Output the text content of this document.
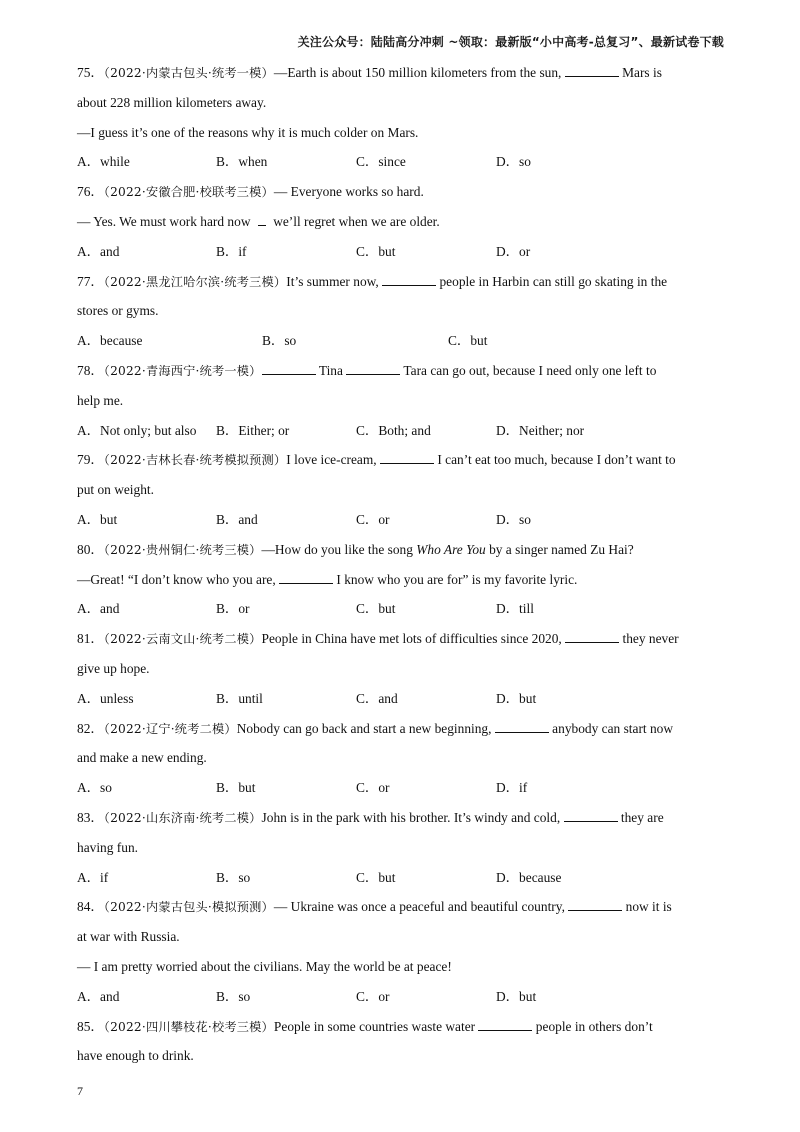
关注公众号：陆陆高分冲刺 ~领取：最新版“小中高考-总复习”、最新试卷下载
75．（2022·内蒙古包头·统考一模）—Earth is about 150 million kilometers from the sun,	Mars is
about 228 million kilometers away.
—I guess it’s one of the reasons why it is much colder on Mars.
A．while	B．when	C．since	D．so
76．（2022·安徽合肥·校联考三模）— Everyone works so hard.
— Yes. We must work hard now  we’ll regret when we are older.
A．and	B．if	C．but	D．or
77．（2022·黑龙江哈尔滨·统考三模）It’s summer now,	people in Harbin can still go skating in the
stores or gyms.
A．because	B．so	C．but
78．（2022·青海西宁·统考一模）	Tina	Tara can go out, because I need only one left to
help me.
A．Not only; but also B．Either; or	C．Both; and	D．Neither; nor
79．（2022·吉林长春·统考模拟预测）I love ice-cream,	I can’t eat too much, because I don’t want to
put on weight.
A．but	B．and	C．or	D．so
80．（2022·贵州铜仁·统考三模）—How do you like the song Who Are You by a singer named Zu Hai?
—Great! “I don’t know who you are,	I know who you are for” is my favorite lyric.
A．and	B．or	C．but	D．till
81．（2022·云南文山·统考二模）People in China have met lots of difficulties since 2020,	they never
give up hope.
A．unless	B．until	C．and	D．but
82．（2022·辽宁·统考二模）Nobody can go back and start a new beginning,	anybody can start now
and make a new ending.
A．so	B．but	C．or	D．if
83．（2022·山东济南·统考二模）John is in the park with his brother. It’s windy and cold,	they are
having fun.
A．if	B．so	C．but	D．because
84．（2022·内蒙古包头·模拟预测）— Ukraine was once a peaceful and beautiful country,	now it is
at war with Russia.
— I am pretty worried about the civilians. May the world be at peace!
A．and	B．so	C．or	D．but
85．（2022·四川攀枝花·校考三模）People in some countries waste water	people in others don’t
have enough to drink.
7
